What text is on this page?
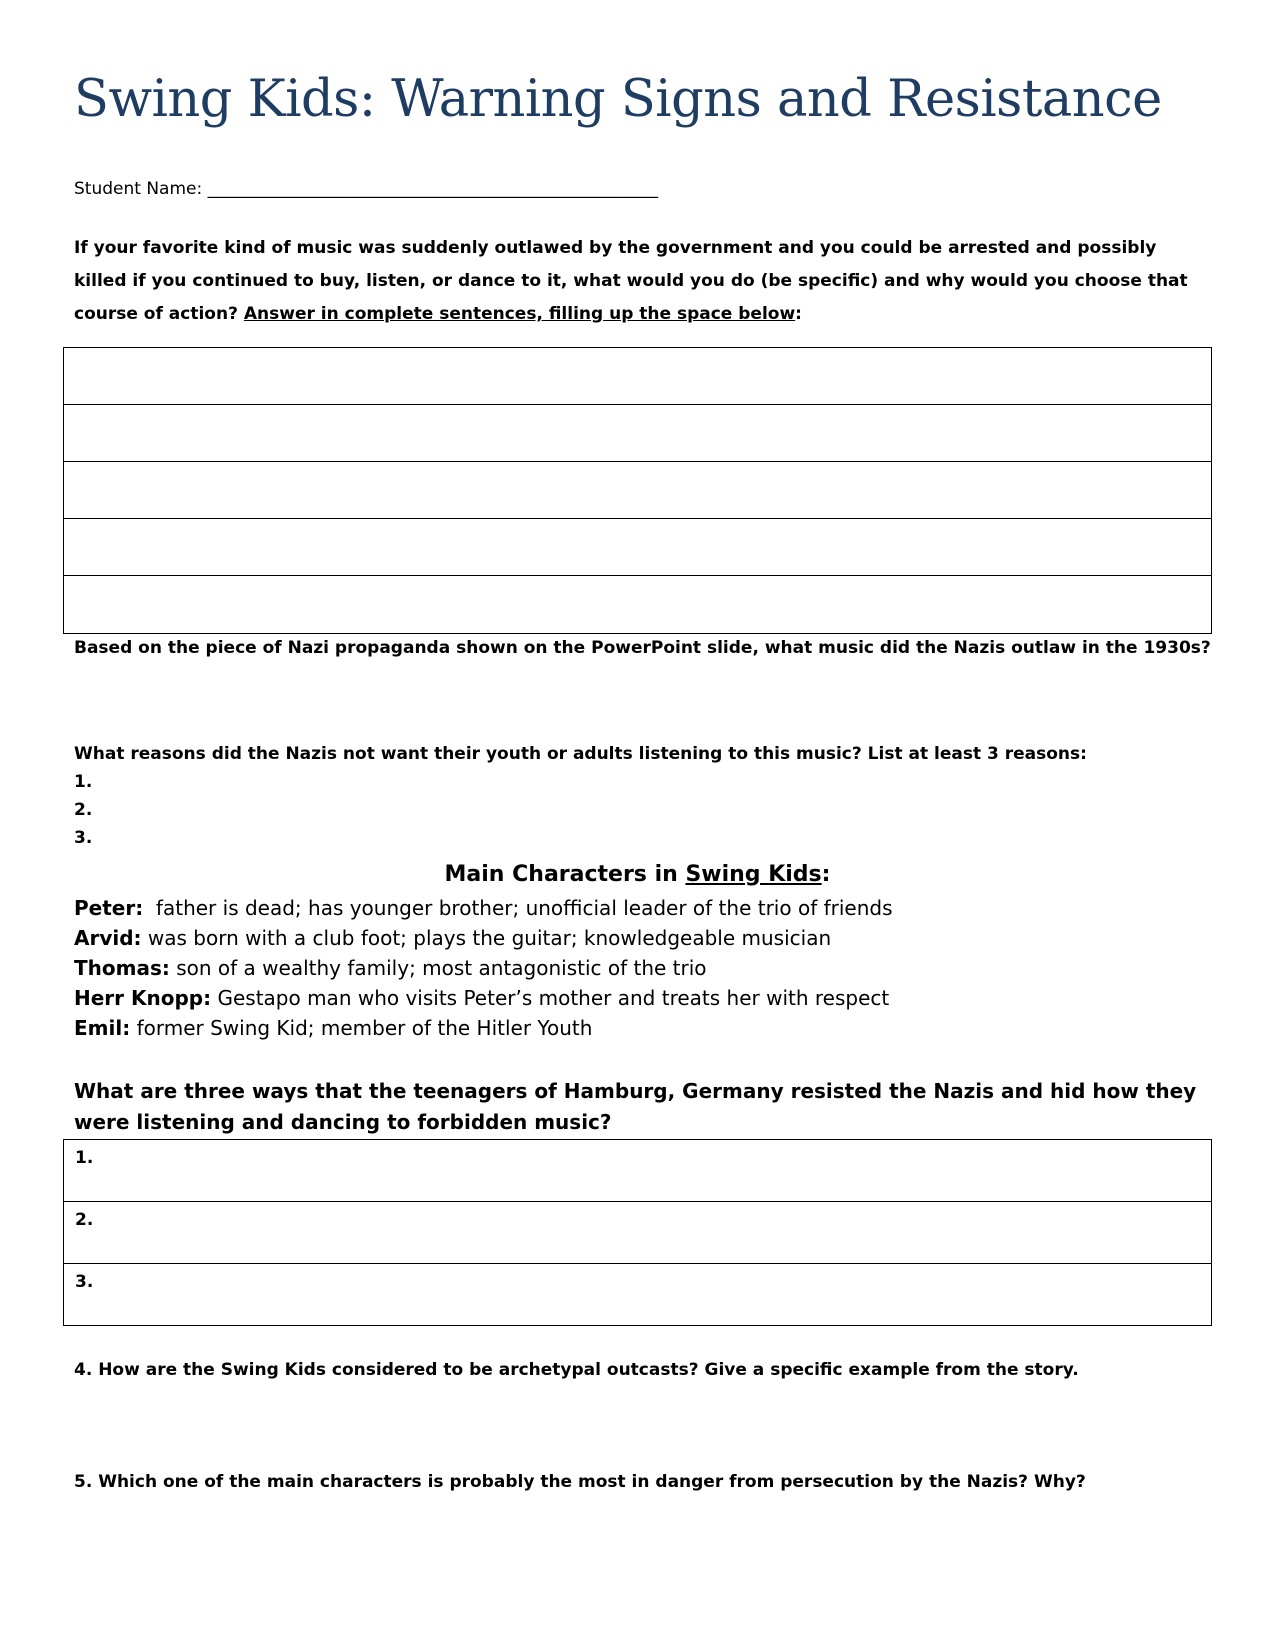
Swing Kids: Warning Signs and Resistance
Student Name: _____________________________________________________
If your favorite kind of music was suddenly outlawed by the government and you could be arrested and possibly killed if you continued to buy, listen, or dance to it, what would you do (be specific) and why would you choose that course of action? Answer in complete sentences, filling up the space below:
Based on the piece of Nazi propaganda shown on the PowerPoint slide, what music did the Nazis outlaw in the 1930s?
What reasons did the Nazis not want their youth or adults listening to this music? List at least 3 reasons:
1.
2.
3.
Main Characters in Swing Kids:
Peter:  father is dead; has younger brother; unofficial leader of the trio of friends
Arvid: was born with a club foot; plays the guitar; knowledgeable musician
Thomas: son of a wealthy family; most antagonistic of the trio
Herr Knopp: Gestapo man who visits Peter’s mother and treats her with respect
Emil: former Swing Kid; member of the Hitler Youth
What are three ways that the teenagers of Hamburg, Germany resisted the Nazis and hid how they were listening and dancing to forbidden music?
1.
2.
3.
4. How are the Swing Kids considered to be archetypal outcasts? Give a specific example from the story.
5. Which one of the main characters is probably the most in danger from persecution by the Nazis? Why?
